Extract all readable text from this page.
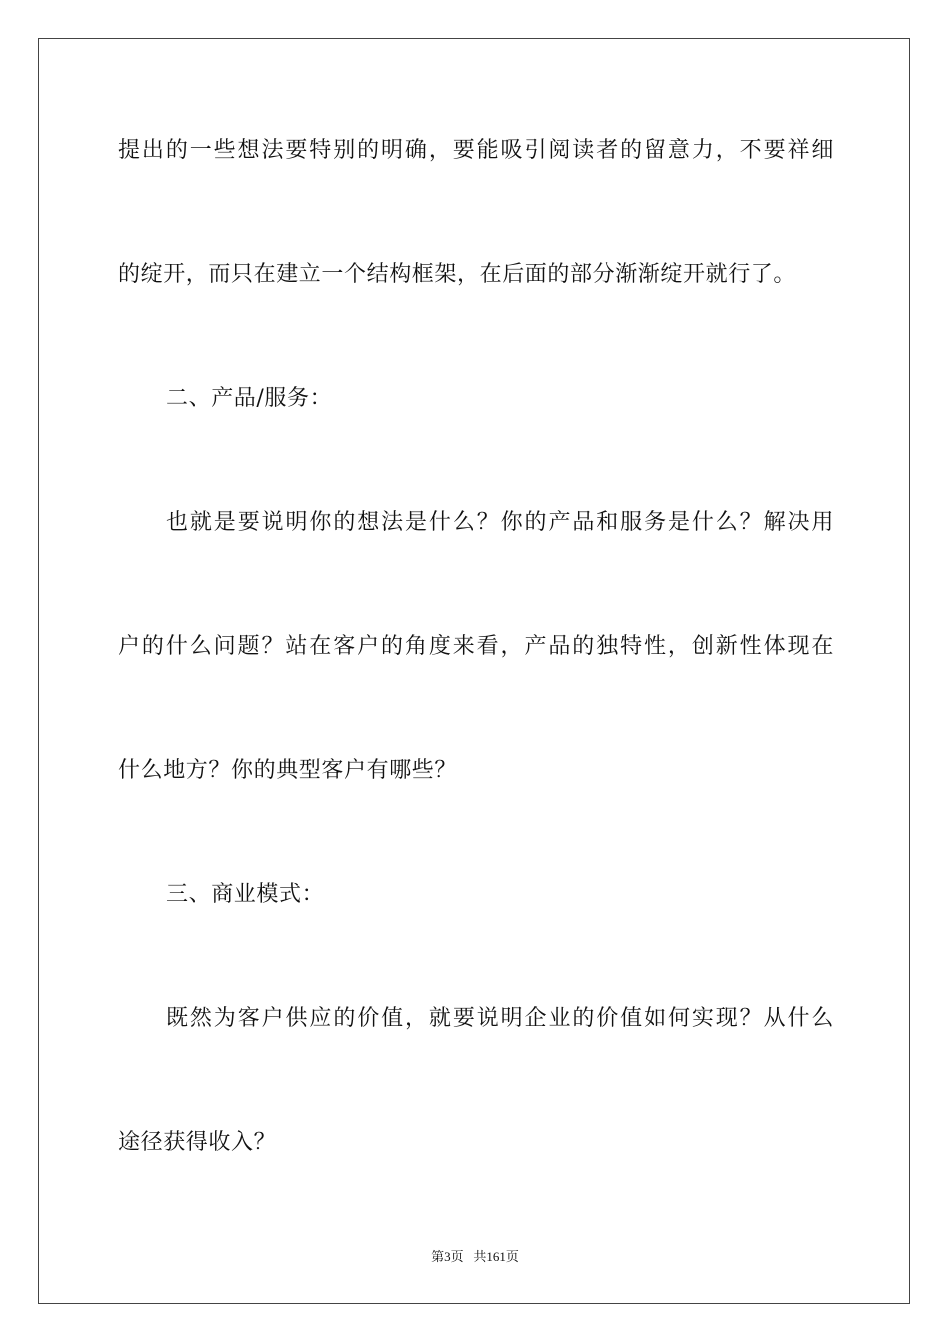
提出的一些想法要特别的明确，要能吸引阅读者的留意力，不要祥细
的绽开，而只在建立一个结构框架，在后面的部分渐渐绽开就行了。
二、产品/服务：
也就是要说明你的想法是什么？你的产品和服务是什么？解决用
户的什么问题？站在客户的角度来看，产品的独特性，创新性体现在
什么地方？你的典型客户有哪些？
三、商业模式：
既然为客户供应的价值，就要说明企业的价值如何实现？从什么
途径获得收入？
第3页 共161页
